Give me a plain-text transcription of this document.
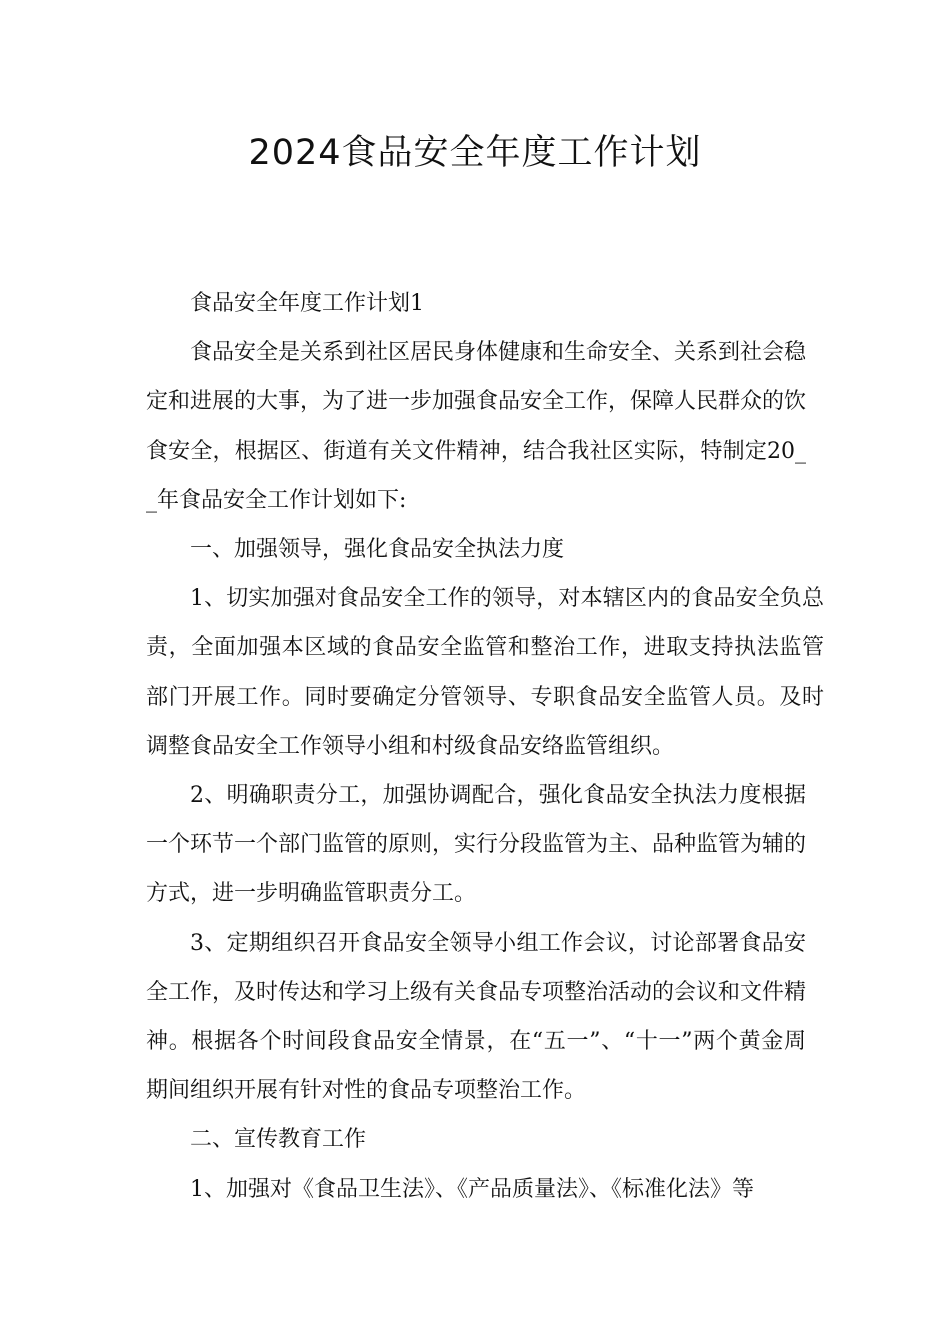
2024食品安全年度工作计划

食品安全年度工作计划1

食品安全是关系到社区居民身体健康和生命安全、关系到社会稳定和进展的大事，为了进一步加强食品安全工作，保障人民群众的饮食安全，根据区、街道有关文件精神，结合我社区实际，特制定20__年食品安全工作计划如下:

一、加强领导，强化食品安全执法力度

1、切实加强对食品安全工作的领导，对本辖区内的食品安全负总责，全面加强本区域的食品安全监管和整治工作，进取支持执法监管部门开展工作。同时要确定分管领导、专职食品安全监管人员。及时调整食品安全工作领导小组和村级食品安络监管组织。

2、明确职责分工，加强协调配合，强化食品安全执法力度根据一个环节一个部门监管的原则，实行分段监管为主、品种监管为辅的方式，进一步明确监管职责分工。

3、定期组织召开食品安全领导小组工作会议，讨论部署食品安全工作，及时传达和学习上级有关食品专项整治活动的会议和文件精神。根据各个时间段食品安全情景，在“五一”、“十一”两个黄金周期间组织开展有针对性的食品专项整治工作。

二、宣传教育工作

1、加强对《食品卫生法》、《产品质量法》、《标准化法》等
